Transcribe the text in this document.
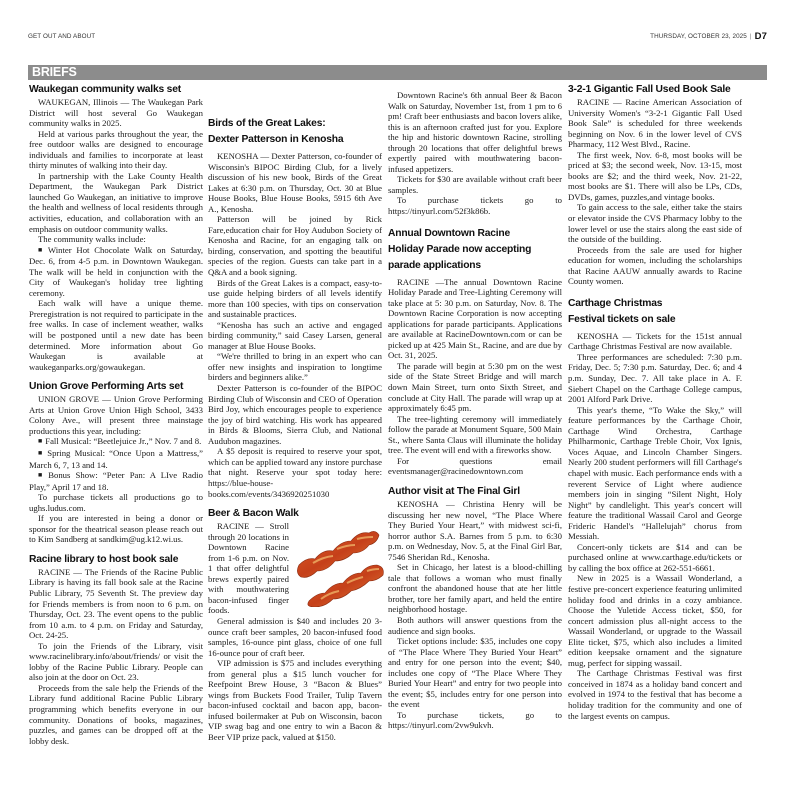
GET OUT AND ABOUT	THURSDAY, OCTOBER 23, 2025 | D7
BRIEFS
Waukegan community walks set

WAUKEGAN, Illinois — The Waukegan Park District will host several Go Waukegan community walks in 2025.

Held at various parks throughout the year, the free outdoor walks are designed to encourage individuals and families to incorporate at least thirty minutes of walking into their day.

In partnership with the Lake County Health Department, the Waukegan Park District launched Go Waukegan, an initiative to improve the health and wellness of local residents through activities, education, and collaboration with an emphasis on outdoor community walks.

The community walks include:

■ Winter Hot Chocolate Walk on Saturday, Dec. 6, from 4-5 p.m. in Downtown Waukegan. The walk will be held in conjunction with the City of Waukegan's holiday tree lighting ceremony.

Each walk will have a unique theme. Preregistration is not required to participate in the free walks. In case of inclement weather, walks will be postponed until a new date has been determined. More information about Go Waukegan is available at waukeganparks.org/gowaukegan.

Union Grove Performing Arts set

UNION GROVE — Union Grove Performing Arts at Union Grove Union High School, 3433 Colony Ave., will present three mainstage productions this year, including:

■ Fall Musical: “Beetlejuice Jr.,” Nov. 7 and 8.

■ Spring Musical: “Once Upon a Mattress,” March 6, 7, 13 and 14.

■ Bonus Show: “Peter Pan: A LIve Radio Play,” April 17 and 18.

To purchase tickets all productions go to ughs.ludus.com.

If you are interested in being a donor or sponsor for the theatrical season please reach out to Kim Sandberg at sandkim@ug.k12.wi.us.

Racine library to host book sale

RACINE — The Friends of the Racine Public Library is having its fall book sale at the Racine Public Library, 75 Seventh St. The preview day for Friends members is from noon to 6 p.m. on Thursday, Oct. 23. The event opens to the public from 10 a.m. to 4 p.m. on Friday and Saturday, Oct. 24-25.

To join the Friends of the Library, visit www.racinelibrary.info/about/friends/ or visit the lobby of the Racine Public Library. People can also join at the door on Oct. 23.

Proceeds from the sale help the Friends of the Library fund additional Racine Public Library programming which benefits everyone in our community. Donations of books, magazines, puzzles, and games can be dropped off at the lobby desk.

Birds of the Great Lakes:
Dexter Patterson in Kenosha

KENOSHA — Dexter Patterson, co-founder of Wisconsin's BIPOC Birding Club, for a lively discussion of his new book, Birds of the Great Lakes at 6:30 p.m. on Thursday, Oct. 30 at Blue House Books, Blue House Books, 5915 6th Ave A., Kenosha.

Patterson will be joined by Rick Fare,education chair for Hoy Audubon Society of Kenosha and Racine, for an engaging talk on birding, conservation, and spotting the beautiful species of the region. Guests can take part in a Q&A and a book signing.

Birds of the Great Lakes is a compact, easy-to-use guide helping birders of all levels identify more than 100 species, with tips on conservation and sustainable practices.

“Kenosha has such an active and engaged birding community,” said Casey Larsen, general manager at Blue House Books.

“We're thrilled to bring in an expert who can offer new insights and inspiration to longtime birders and beginners alike.”

Dexter Patterson is co-founder of the BIPOC Birding Club of Wisconsin and CEO of Operation Bird Joy, which encourages people to experience the joy of bird watching. His work has appeared in Birds & Blooms, Sierra Club, and National Audubon magazines.

A $5 deposit is required to reserve your spot, which can be applied toward any instore purchase that night. Reserve your spot today here: https://blue-house-books.com/events/3436920251030

Beer & Bacon Walk

RACINE — Stroll through 20 locations in Downtown Racine from 1-6 p.m. on Nov. 1 that offer delightful brews expertly paired with mouthwatering bacon-infused finger foods.

General admission is $40 and includes 20 3-ounce craft beer samples, 20 bacon-infused food samples, 16-ounce pint glass, choice of one full 16-ounce pour of craft beer.

VIP admission is $75 and includes everything from general plus a $15 lunch voucher for Reefpoint Brew House, 3 “Bacon & Blues” wings from Buckets Food Trailer, Tulip Tavern bacon-infused cocktail and bacon app, bacon-infused boilermaker at Pub on Wisconsin, bacon VIP swag bag and one entry to win a Bacon & Beer VIP prize pack, valued at $150.

Downtown Racine's 6th annual Beer & Bacon Walk on Saturday, November 1st, from 1 pm to 6 pm! Craft beer enthusiasts and bacon lovers alike, this is an afternoon crafted just for you. Explore the hip and historic downtown Racine, strolling through 20 locations that offer delightful brews expertly paired with mouthwatering bacon-infused appetizers.

Tickets for $30 are available without craft beer samples.

To purchase tickets go to https://tinyurl.com/52f3k86b.

Annual Downtown Racine
Holiday Parade now accepting
parade applications

RACINE —The annual Downtown Racine Holiday Parade and Tree-Lighting Ceremony will take place at 5: 30 p.m. on Saturday, Nov. 8. The Downtown Racine Corporation is now accepting applications for parade participants. Applications are available at RacineDowntown.com or can be picked up at 425 Main St., Racine, and are due by Oct. 31, 2025.

The parade will begin at 5:30 pm on the west side of the State Street Bridge and will march down Main Street, turn onto Sixth Street, and conclude at City Hall. The parade will wrap up at approximately 6:45 pm.

The tree-lighting ceremony will immediately follow the parade at Monument Square, 500 Main St., where Santa Claus will illuminate the holiday tree. The event will end with a fireworks show.

For questions email eventsmanager@racinedowntown.com

Author visit at The Final Girl

KENOSHA — Christina Henry will be discussing her new novel, “The Place Where They Buried Your Heart,” with midwest sci-fi, horror author S.A. Barnes from 5 p.m. to 6:30 p.m. on Wednesday, Nov. 5, at the Final Girl Bar, 7546 Sheridan Rd., Kenosha.

Set in Chicago, her latest is a blood-chilling tale that follows a woman who must finally confront the abandoned house that ate her little brother, tore her family apart, and held the entire neighborhood hostage.

Both authors will answer questions from the audience and sign books.

Ticket options include: $35, includes one copy of “The Place Where They Buried Your Heart” and entry for one person into the event; $40, includes one copy of “The Place Where They Buried Your Heart” and entry for two people into the event; $5, includes entry for one person into the event

To purchase tickets, go to https://tinyurl.com/2vw9ukvh.

3-2-1 Gigantic Fall Used Book Sale

RACINE — Racine American Association of University Women's “3-2-1 Gigantic Fall Used Book Sale” is scheduled for three weekends beginning on Nov. 6 in the lower level of CVS Pharmacy, 112 West Blvd., Racine.

The first week, Nov. 6-8, most books will be priced at $3; the second week, Nov. 13-15, most books are $2; and the third week, Nov. 21-22, most books are $1. There will also be LPs, CDs, DVDs, games, puzzles,and vintage books.

To gain access to the sale, either take the stairs or elevator inside the CVS Pharmacy lobby to the lower level or use the stairs along the east side of the outside of the building.

Proceeds from the sale are used for higher education for women, including the scholarships that Racine AAUW annually awards to Racine County women.

Carthage Christmas
Festival tickets on sale

KENOSHA — Tickets for the 151st annual Carthage Christmas Festival are now available.

Three performances are scheduled: 7:30 p.m. Friday, Dec. 5; 7:30 p.m. Saturday, Dec. 6; and 4 p.m. Sunday, Dec. 7. All take place in A. F. Siebert Chapel on the Carthage College campus, 2001 Alford Park Drive.

This year's theme, “To Wake the Sky,” will feature performances by the Carthage Choir, Carthage Wind Orchestra, Carthage Philharmonic, Carthage Treble Choir, Vox Ignis, Voces Aquae, and Lincoln Chamber Singers. Nearly 200 student performers will fill Carthage's chapel with music. Each performance ends with a reverent Service of Light where audience members join in singing “Silent Night, Holy Night” by candlelight. This year's concert will feature the traditional Wassail Carol and George Frideric Handel's “Hallelujah” chorus from Messiah.

Concert-only tickets are $14 and can be purchased online at www.carthage.edu/tickets or by calling the box office at 262-551-6661.

New in 2025 is a Wassail Wonderland, a festive pre-concert experience featuring unlimited holiday food and drinks in a cozy ambiance. Choose the Yuletide Access ticket, $50, for concert admission plus all-night access to the Wassail Wonderland, or upgrade to the Wassail Elite ticket, $75, which also includes a limited edition keepsake ornament and the signature mug, perfect for sipping wassail.

The Carthage Christmas Festival was first conceived in 1874 as a holiday band concert and evolved in 1974 to the festival that has become a holiday tradition for the community and one of the largest events on campus.
